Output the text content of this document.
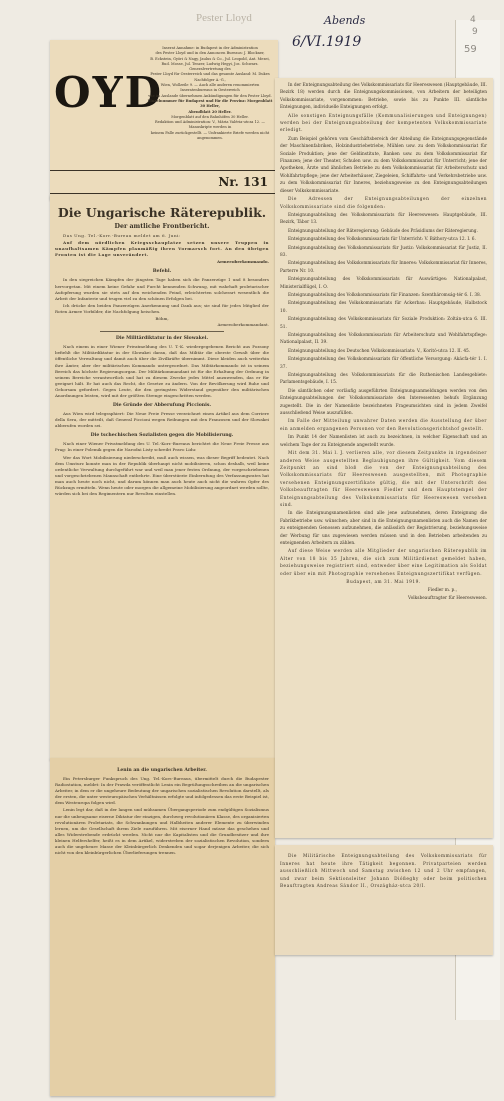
Pester Lloyd	Abends
6/VI.1919
4
9
59
OYD

Inserat Annahme: in Budapest in der Administration

des Pester Lloyd und in den Annoncen Bureaus: J. Blockner,

B. Eckstein, Györi & Nagy, Jaulus & Co., Jul. Leopold, Ant. Mezei,

Rud. Mosse, Jul. Tenzer, Ludwig Hegyi, Jos. Schwarz. Generalvertretung des

Pester Lloyd für Oesterreich und das gesamte Ausland: M. Dukes Nachfolger A.-G.,

Wien, Wollzeile 9. — Auch alle anderen renommierten Inseratenbureaus in Oesterreich

wie im Auslande übernehmen Ankündigungen für den Pester Lloyd.

Einzelnummer für Budapest und für die Provinz: Morgenblatt 30 Heller,

Abendblatt 20 Heller.

Morgenblatt auf den Bahnhöfen 30 Heller.

Redaktion und Administration: V., Mária Valéria-utcza 12. — Manuskripte werden in

keinem Falle zurückgestellt. — Unfrankierte Briefe werden nicht angenommen.

Nr. 131
Die Ungarische Räterepublik.
Der amtliche Frontbericht.

Das Ung. Tel.-Korr.-Bureau meldet am 6. Juni:

Auf dem nördlichen Kriegsschauplatze setzen unsere Truppen in unaufhaltsamen Kämpfen planmäßig ihren Vormarsch fort. An den übrigen Fronten ist die Lage unverändert.

Armeeoberkommando.

Befehl.

In den siegreichen Kämpfen der jüngsten Tage haben sich die Panzerzüge 1 und 8 besonders hervorgetan. Mit einem keine Gefahr und Furcht kennenden Schwung, mit wahrhaft proletarischer Aufopferung wurden sie stets auf den weichenden Feind, erleichterten solcherart wesentlich die Arbeit der Infanterie und trugen viel zu den schönen Erfolgen bei.

Ich drücke den beiden Panzerzügen Anerkennung und Dank aus; sie sind für jedes Mitglied der Roten Armee Vorbilder, die Nachfolgung heischen.

Böhm,

Armeeoberkommandant.

Die Militärdiktatur in der Slowakei.

Nach einem in einer Wiener Privatmeldung des U. T.-K. wiedergegebenen Bericht aus Pozsony befiehlt die Militärdiktatur in der Slowakei daran, daß das Militär die oberste Gewalt über die öffentliche Verwaltung und damit auch über die Zivilkräfte übernimmt. Diese kleiden auch weiterhin ihre Ämter, aber der militärischen Kommando untergeordnet. Das Militärkommando ist in seinem Bereich das höchste Regierungsorgan. Der Militärkommandant ist für die Erhaltung der Ordnung in seinem Bereiche verantwortlich und hat zu diesem Zwecke jedes Mittel anzuwenden, das er für geeignet hält. Er hat auch das Recht, die Gesetze zu ändern. Von der Bevölkerung wird Ruhe und Gehorsam gefordert. Gegen Leute, die den geringsten Widerstand gegenüber den militärischen Anordnungen leisten, wird mit der größten Strenge eingeschritten werden.

Die Gründe der Abberufung Piccionis.

Aus Wien wird telegraphiert: Die Neue Freie Presse verzeichnet einen Artikel aus dem Corriere della Sera, der mitteilt, daß General Piccioni wegen Reibungen mit den Franzosen und der Slowakei abberufen worden sei.

Die tschechischen Sozialisten gegen die Mobilisierung.

Nach einer Wiener Privatmeldung des U. Tel.-Korr.-Bureaus berichtet die Neue Freie Presse aus Prag: In einer Polemik gegen die Narodni Listy schreibt Pravo Lidu:

Wer das Wort Mobilisierung niederschreibt, muß auch wissen, was dieser Begriff bedeutet. Nach dem Umsturz konnte man in der Republik überhaupt nicht mobilisieren, schon deshalb, weil keine ordentliche Verwaltung durchgeführt war und weil man jener festen Ordnung, der vorgeschriebenen und vorgeschriebenen Mannschaft entbehrte. Eine überstürzte Einberufung des Verfassungsrates hat man auch heute noch nicht, und darum können man auch heute auch nicht die wahren Opfer des Rückzugs ermitteln. Wenn heute oder morgen die allgemeine Mobilisierung angeordnet werden sollte, würden sich bei den Regimentern nur Revolten einstellen.

Lenin an die ungarischen Arbeiter.

Ein Petersburger Funkspruch des Ung. Tel.-Korr.-Bureaus, übermittelt durch die Budapester Radiostation, meldet: In der Prawda veröffentlicht Lenin ein Begrüßungsschreiben an die ungarischen Arbeiter, in dem er die ungeheure Bedeutung der ungarischen sozialistischen Revolution darstellt, als der ersten, die unter westeuropäischen Verhältnissen erfolgte und infolgedessen das erste Beispiel ist, dem Westeuropa folgen wird.

Lenin legt dar, daß in der langen und mühsamen Übergangsperiode zum endgültigen Sozialismus nur die unbeugsame eiserne Diktatur der einzigen, durchweg revolutionären Klasse, des organisierten revolutionären Proletariats, die Schwankungen und Halbheiten anderer Elemente zu überwinden lernen, um die Gesellschaft ihrem Ziele zuzuführen. Mit eiserner Hand müsse das geschehen und alles Widerstrebende erdrückt werden. Nicht nur die Kapitalisten und die Grundbesitzer und ihre kleinen Helfershelfer, heißt es in dem Artikel, widerstreben der sozialistischen Revolution, sondern auch die ungeheure Masse der Kleinbürgerlich Denkenden und sogar derjenigen Arbeiter, die sich nicht von den kleinbürgerlichen Überlieferungen trennen.

In der Enteignungsabteilung des Volkskommissariats für Heereswesen (Hauptgebäude, III. Bezirk 18) werden durch die Enteignungskommissionen, von Arbeitern der beteiligten Volkskommissariate, vorgenommen: Betriebe, sowie bis zu Punkte III. sämtliche Enteignungen, individuelle Enteignungen erfolgt.

Alle sonstigen Enteignungsfälle (Kommunalisierungen und Enteignungen) werden bei der Enteignungsabteilung der kompetenten Volkskommissariate erledigt.

Zum Beispiel gehören vom Geschäftsbereich der Abteilung die Enteignungsgegenstände der Maschinenfabriken, Holzindustriebetriebe, Mühlen usw. zu dem Volkskommissariat für Soziale Produktion; jene der Geldinstitute, Banken usw. zu dem Volkskommissariat für Finanzen; jene der Theater, Schulen usw. zu dem Volkskommissariat für Unterricht; jene der Apotheken, Ärzte und ähnlichen Betriebe zu dem Volkskommissariat für Arbeiterschutz und Wohlfahrtspflege; jene der Arbeiterhäuser, Ziegeleien, Schiffahrts- und Verkehrsbetriebe usw. zu dem Volkskommissariat für Inneres, beziehungsweise zu den Enteignungsabteilungen dieser Volkskommissariate.

Die Adressen der Enteignungsabteilungen der einzelnen Volkskommissariate sind die folgenden:

Enteignungsabteilung des Volkskommissariats für Heereswesen: Hauptgebäude, III. Bezirk, Tábor 13.

Enteignungsabteilung der Räteregierung: Gebäude des Präsidiums der Räteregierung.

Enteignungsabteilung des Volkskommissariats für Unterricht: V. Báthory-utca 12. I. 6.

Enteignungsabteilung des Volkskommissariats für Justiz: Volkskommissariat für Justiz, II. 83.

Enteignungsabteilung des Volkskommissariats für Inneres: Volkskommissariat für Inneres, Parterre Nr. 10.

Enteignungsabteilung des Volkskommissariats für Auswärtiges: Nationalpalast, Ministerialflügel, I. O.

Enteignungsabteilung des Volkskommissariats für Finanzen: Szentháromság-tér 6. I. 38.

Enteignungsabteilung des Volkskommissariats für Ackerbau: Hauptgebäude, Halbstock 10.

Enteignungsabteilung des Volkskommissariats für Soziale Produktion: Zoltán-utca 6. III. 51.

Enteignungsabteilung des Volkskommissariats für Arbeiterschutz und Wohlfahrtspflege: Nationalpalast, II. 39.

Enteignungsabteilung des Deutschen Volkskommissariats: V., Koritó-utca 12. II. 45.

Enteignungsabteilung des Volkskommissariats für öffentliche Versorgung: Akácfa-tér 1. I. 37.

Enteignungsabteilung des Volkskommissariats für die Ruthenischen Landesgebiete: Parlamentsgebäude, I. 15.

Die sämtlichen oder vorläufig ausgeführten Enteignungsanmeldungen werden von den Enteignungsabteilungen der Volkskommissariate den Interessenten behufs Ergänzung zugestellt. Die in der Namenliste bezeichneten Frageumsichten sind in jedem Zweifel ausschließend Weise auszufüllen.

Im Falle der Mitteilung unwahrer Daten werden die Ausstellung der über ein anmelden ergangenen Personen vor den Revolutionsgerichtshof gestellt.

Im Punkt 14 der Namenlisten ist auch zu bezeichnen, in welcher Eigenschaft und an welchem Tage der zu Enteignende angestellt wurde.

Mit dem 31. Mai l. J. verlieren alle, vor diesem Zeitpunkte in irgendeiner anderen Weise ausgestellten Beglaubigungen ihre Gültigkeit. Vom diesem Zeitpunkt an sind bloß die von der Enteignungsabteilung des Volkskommissariats für Heereswesen ausgestellten, mit Photographie versehenen Enteignungszertifikate gültig, die mit der Unterschrift des Volksbeauftragten für Heereswesen Fiedler und dem Hauptstempel der Enteignungsabteilung des Volkskommissariats für Heereswesen versehen sind.

In die Enteignungsnamenlisten sind alle jene aufzunehmen, deren Enteignung die Fabrikbetriebe usw. wünschen; aber sind in die Enteignungsnamenlisten auch die Namen der zu enteignenden Genossen aufzunehmen, die anlässlich der Registrierung, beziehungsweise der Werbung für uns zugewiesen werden müssen und in den Betrieben arbeitenden zu enteignenden Arbeitern zu zählen.

Auf diese Weise werden alle Mitglieder der ungarischen Räterepublik im Alter von 18 bis 35 Jahren, die sich zum Militärdienst gemeldet haben, beziehungsweise registriert sind, entweder über eine Legitimation als Soldat oder über ein mit Photographie versehenes Enteignungszertifikat verfügen.

Budapest, am 31. Mai 1919.

Fiedler m. p.,

Volksbeauftragter für Heereswesen.

Die Militärische Enteignungsabteilung des Volkskommissariats für Inneres hat heute ihre Tätigkeit begonnen. Privatparteien werden ausschließlich Mittwoch und Samstag zwischen 12 und 2 Uhr empfangen, und zwar beim Sektionsleiter Johann Dióßeghy oder beim politischen Beauftragten Andreas Sándor II., Országház-utca 20/I.
